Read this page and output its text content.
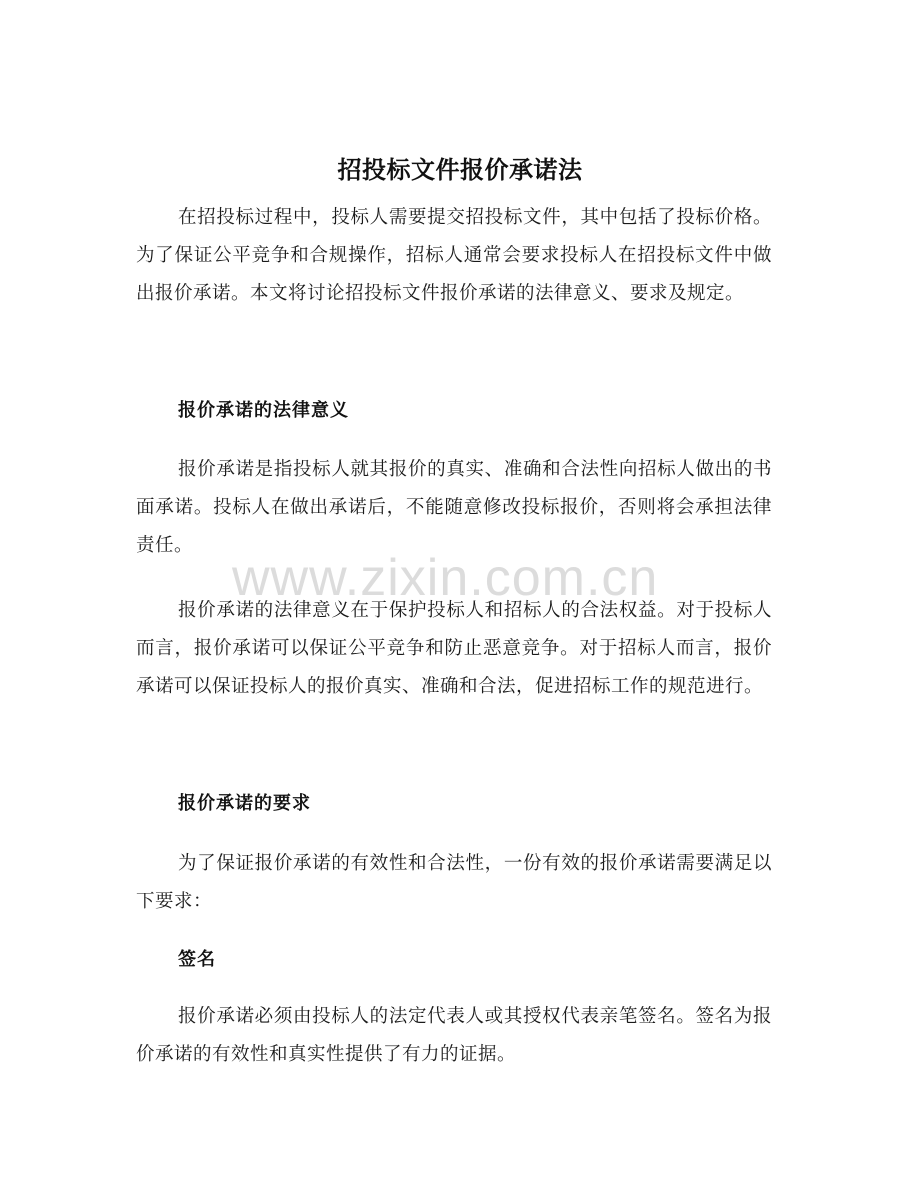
招投标文件报价承诺法
在招投标过程中，投标人需要提交招投标文件，其中包括了投标价格。为了保证公平竞争和合规操作，招标人通常会要求投标人在招投标文件中做出报价承诺。本文将讨论招投标文件报价承诺的法律意义、要求及规定。
报价承诺的法律意义
报价承诺是指投标人就其报价的真实、准确和合法性向招标人做出的书面承诺。投标人在做出承诺后，不能随意修改投标报价，否则将会承担法律责任。
报价承诺的法律意义在于保护投标人和招标人的合法权益。对于投标人而言，报价承诺可以保证公平竞争和防止恶意竞争。对于招标人而言，报价承诺可以保证投标人的报价真实、准确和合法，促进招标工作的规范进行。
报价承诺的要求
为了保证报价承诺的有效性和合法性，一份有效的报价承诺需要满足以下要求：
签名
报价承诺必须由投标人的法定代表人或其授权代表亲笔签名。签名为报价承诺的有效性和真实性提供了有力的证据。
www.zixin.com.cn
